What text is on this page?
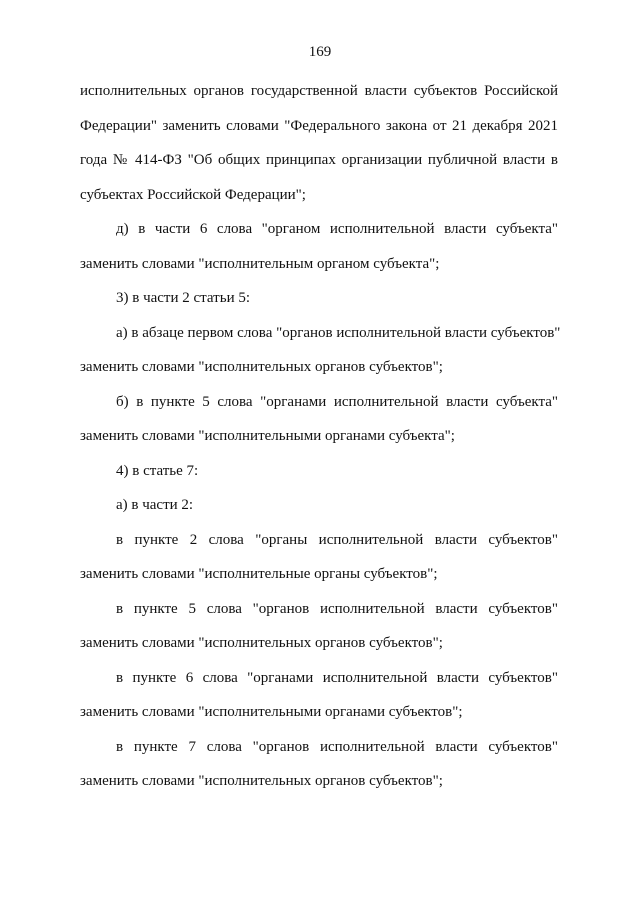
169
исполнительных органов государственной власти субъектов Российской
Федерации" заменить словами "Федерального закона от 21 декабря 2021
года № 414-ФЗ "Об общих принципах организации публичной власти в
субъектах Российской Федерации";
д) в части 6 слова "органом исполнительной власти субъекта"
заменить словами "исполнительным органом субъекта";
3) в части 2 статьи 5:
а) в абзаце первом слова "органов исполнительной власти субъектов"
заменить словами "исполнительных органов субъектов";
б) в пункте 5 слова "органами исполнительной власти субъекта"
заменить словами "исполнительными органами субъекта";
4) в статье 7:
а) в части 2:
в пункте 2 слова "органы исполнительной власти субъектов"
заменить словами "исполнительные органы субъектов";
в пункте 5 слова "органов исполнительной власти субъектов"
заменить словами "исполнительных органов субъектов";
в пункте 6 слова "органами исполнительной власти субъектов"
заменить словами "исполнительными органами субъектов";
в пункте 7 слова "органов исполнительной власти субъектов"
заменить словами "исполнительных органов субъектов";
